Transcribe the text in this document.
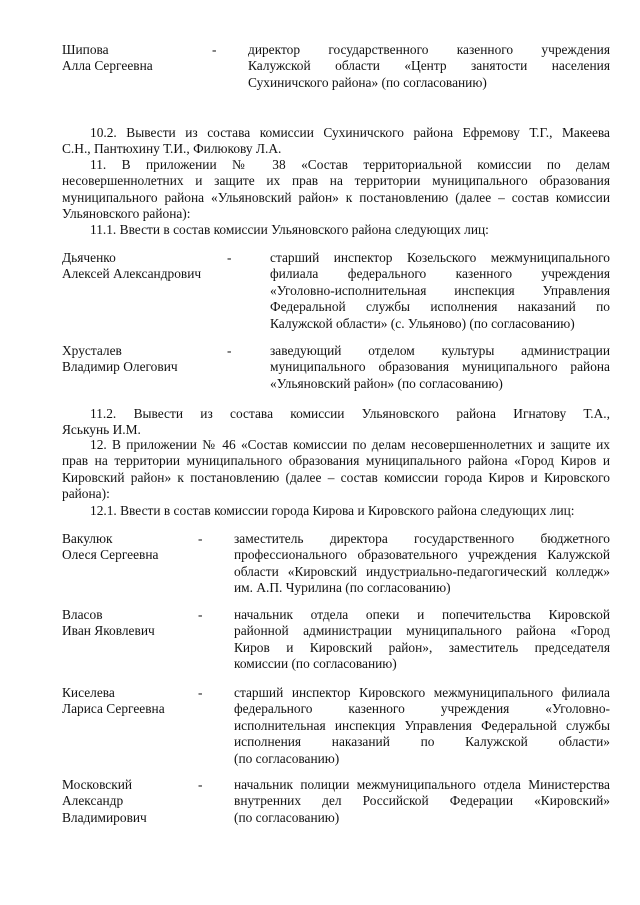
Шипова
Алла Сергеевна
- директор государственного казенного учреждения
Калужской области «Центр занятости населения
Сухиничского района» (по согласованию)
10.2. Вывести из состава комиссии Сухиничского района Ефремову Т.Г., Макеева
С.Н., Пантюхину Т.И., Филюкову Л.А.
11. В приложении № 38 «Состав территориальной комиссии по делам
несовершеннолетних и защите их прав на территории муниципального образования
муниципального района «Ульяновский район» к постановлению (далее – состав комиссии
Ульяновского района):
11.1. Ввести в состав комиссии Ульяновского района следующих лиц:
Дьяченко
Алексей Александрович
-	старший инспектор Козельского межмуниципального
филиала федерального казенного учреждения
«Уголовно-исполнительная инспекция Управления
Федеральной службы исполнения наказаний по
Калужской области» (с. Ульяново) (по согласованию)
Хрусталев
Владимир Олегович
-	заведующий отделом культуры администрации
муниципального образования муниципального района
«Ульяновский район» (по согласованию)
11.2. Вывести из состава комиссии Ульяновского района Игнатову Т.А.,
Яськунь И.М.
12. В приложении № 46 «Состав комиссии по делам несовершеннолетних и защите их
прав на территории муниципального образования муниципального района «Город Киров и
Кировский район» к постановлению (далее – состав комиссии города Киров и Кировского
района):
12.1. Ввести в состав комиссии города Кирова и Кировского района следующих лиц:
Вакулюк
Олеся Сергеевна
- заместитель директора государственного бюджетного
профессионального образовательного учреждения Калужской
области «Кировский индустриально-педагогический колледж»
им. А.П. Чурилина (по согласованию)
Власов
Иван Яковлевич
- начальник отдела опеки и попечительства Кировской
районной администрации муниципального района «Город
Киров и Кировский район», заместитель председателя
комиссии (по согласованию)
Киселева
Лариса Сергеевна
- старший инспектор Кировского межмуниципального филиала
федерального казенного учреждения «Уголовно-
исполнительная инспекция Управления Федеральной службы
исполнения наказаний по Калужской области»
(по согласованию)
Московский
Александр
Владимирович
- начальник полиции межмуниципального отдела Министерства
внутренних дел Российской Федерации «Кировский»
(по согласованию)
